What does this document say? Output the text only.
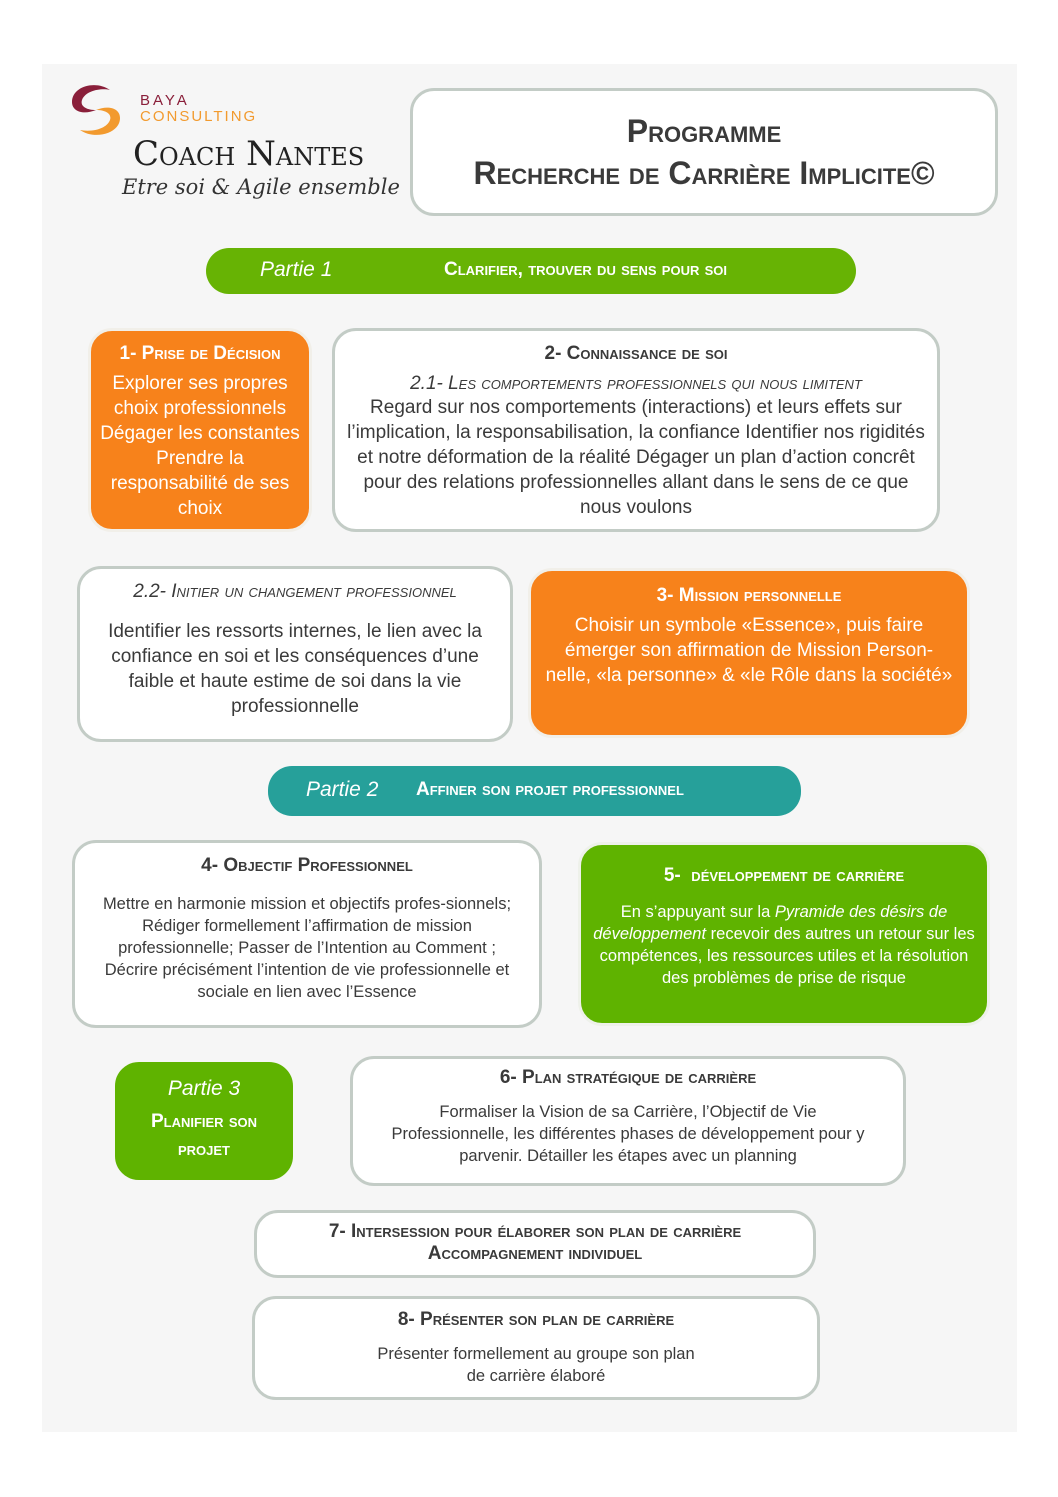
BAYA
CONSULTING
Coach Nantes
Etre soi & Agile ensemble
Programme
Recherche de Carrière Implicite©
Partie 1	Clarifier, trouver du sens pour soi
1- Prise de Décision
Explorer ses propres choix professionnels Dégager les constantes Prendre la responsabilité de ses choix
2- Connaissance de soi
2.1- Les comportements professionnels qui nous limitent
Regard sur nos comportements (interactions) et leurs effets sur l’implication, la responsabilisation, la confiance Identifier nos rigidités et notre déformation de la réalité Dégager un plan d’action concrêt pour des relations professionnelles allant dans le sens de ce que nous voulons
2.2- Initier un changement professionnel
Identifier les ressorts internes, le lien avec la confiance en soi et les conséquences d’une faible et haute estime de soi dans la vie professionnelle
3- Mission personnelle
Choisir un symbole «Essence», puis faire émerger son affirmation de Mission Person-nelle, «la personne» & «le Rôle dans la société»
Partie 2 Affiner son projet professionnel
4- Objectif Professionnel
Mettre en harmonie mission et objectifs profes-sionnels; Rédiger formellement l’affirmation de mission professionnelle; Passer de l’Intention au Comment ; Décrire précisément l’intention de vie professionnelle et sociale en lien avec l’Essence
5-  développement de carrière
En s’appuyant sur la Pyramide des désirs de développement recevoir des autres un retour sur les compétences, les ressources utiles et la résolution des problèmes de prise de risque
Partie 3
Planifier son
projet
6- Plan stratégique de carrière
Formaliser la Vision de sa Carrière, l’Objectif de Vie Professionnelle, les différentes phases de développement pour y parvenir. Détailler les étapes avec un planning
7- Intersession pour élaborer son plan de carrière
Accompagnement individuel
8- Présenter son plan de carrière
Présenter formellement au groupe son plan de carrière élaboré
